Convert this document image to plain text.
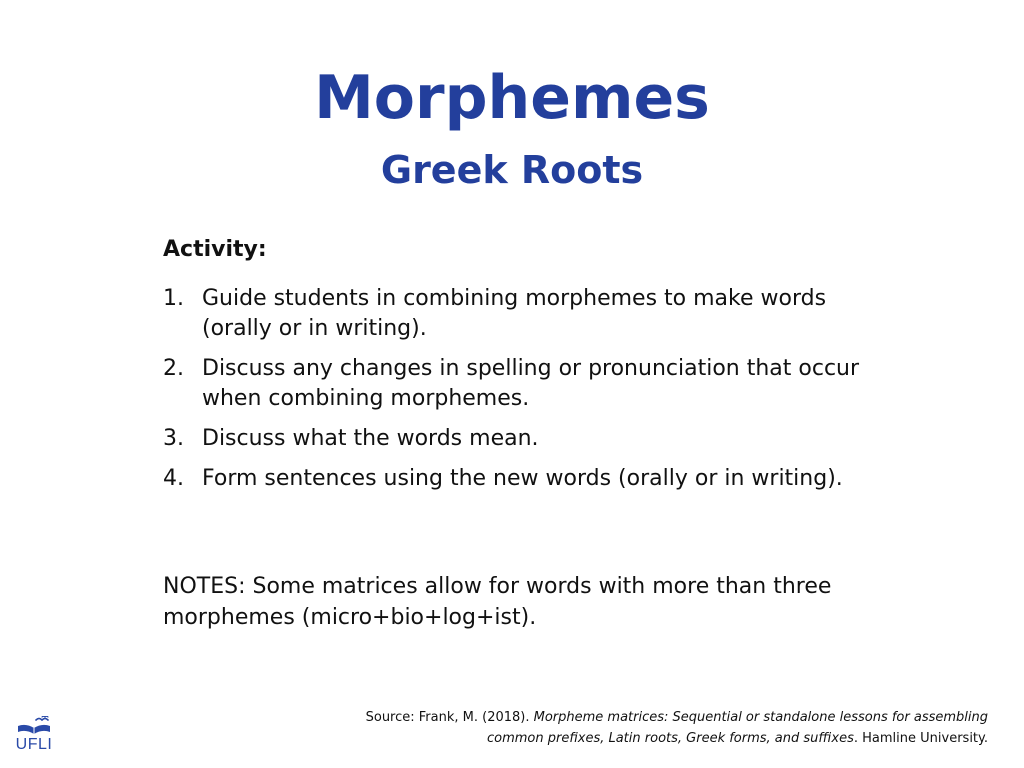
Morphemes
Greek Roots
Activity:
1. Guide students in combining morphemes to make words (orally or in writing).
2. Discuss any changes in spelling or pronunciation that occur when combining morphemes.
3. Discuss what the words mean.
4. Form sentences using the new words (orally or in writing).
NOTES: Some matrices allow for words with more than three morphemes (micro+bio+log+ist).
Source: Frank, M. (2018). Morpheme matrices: Sequential or standalone lessons for assembling common prefixes, Latin roots, Greek forms, and suffixes. Hamline University.
UFLI
